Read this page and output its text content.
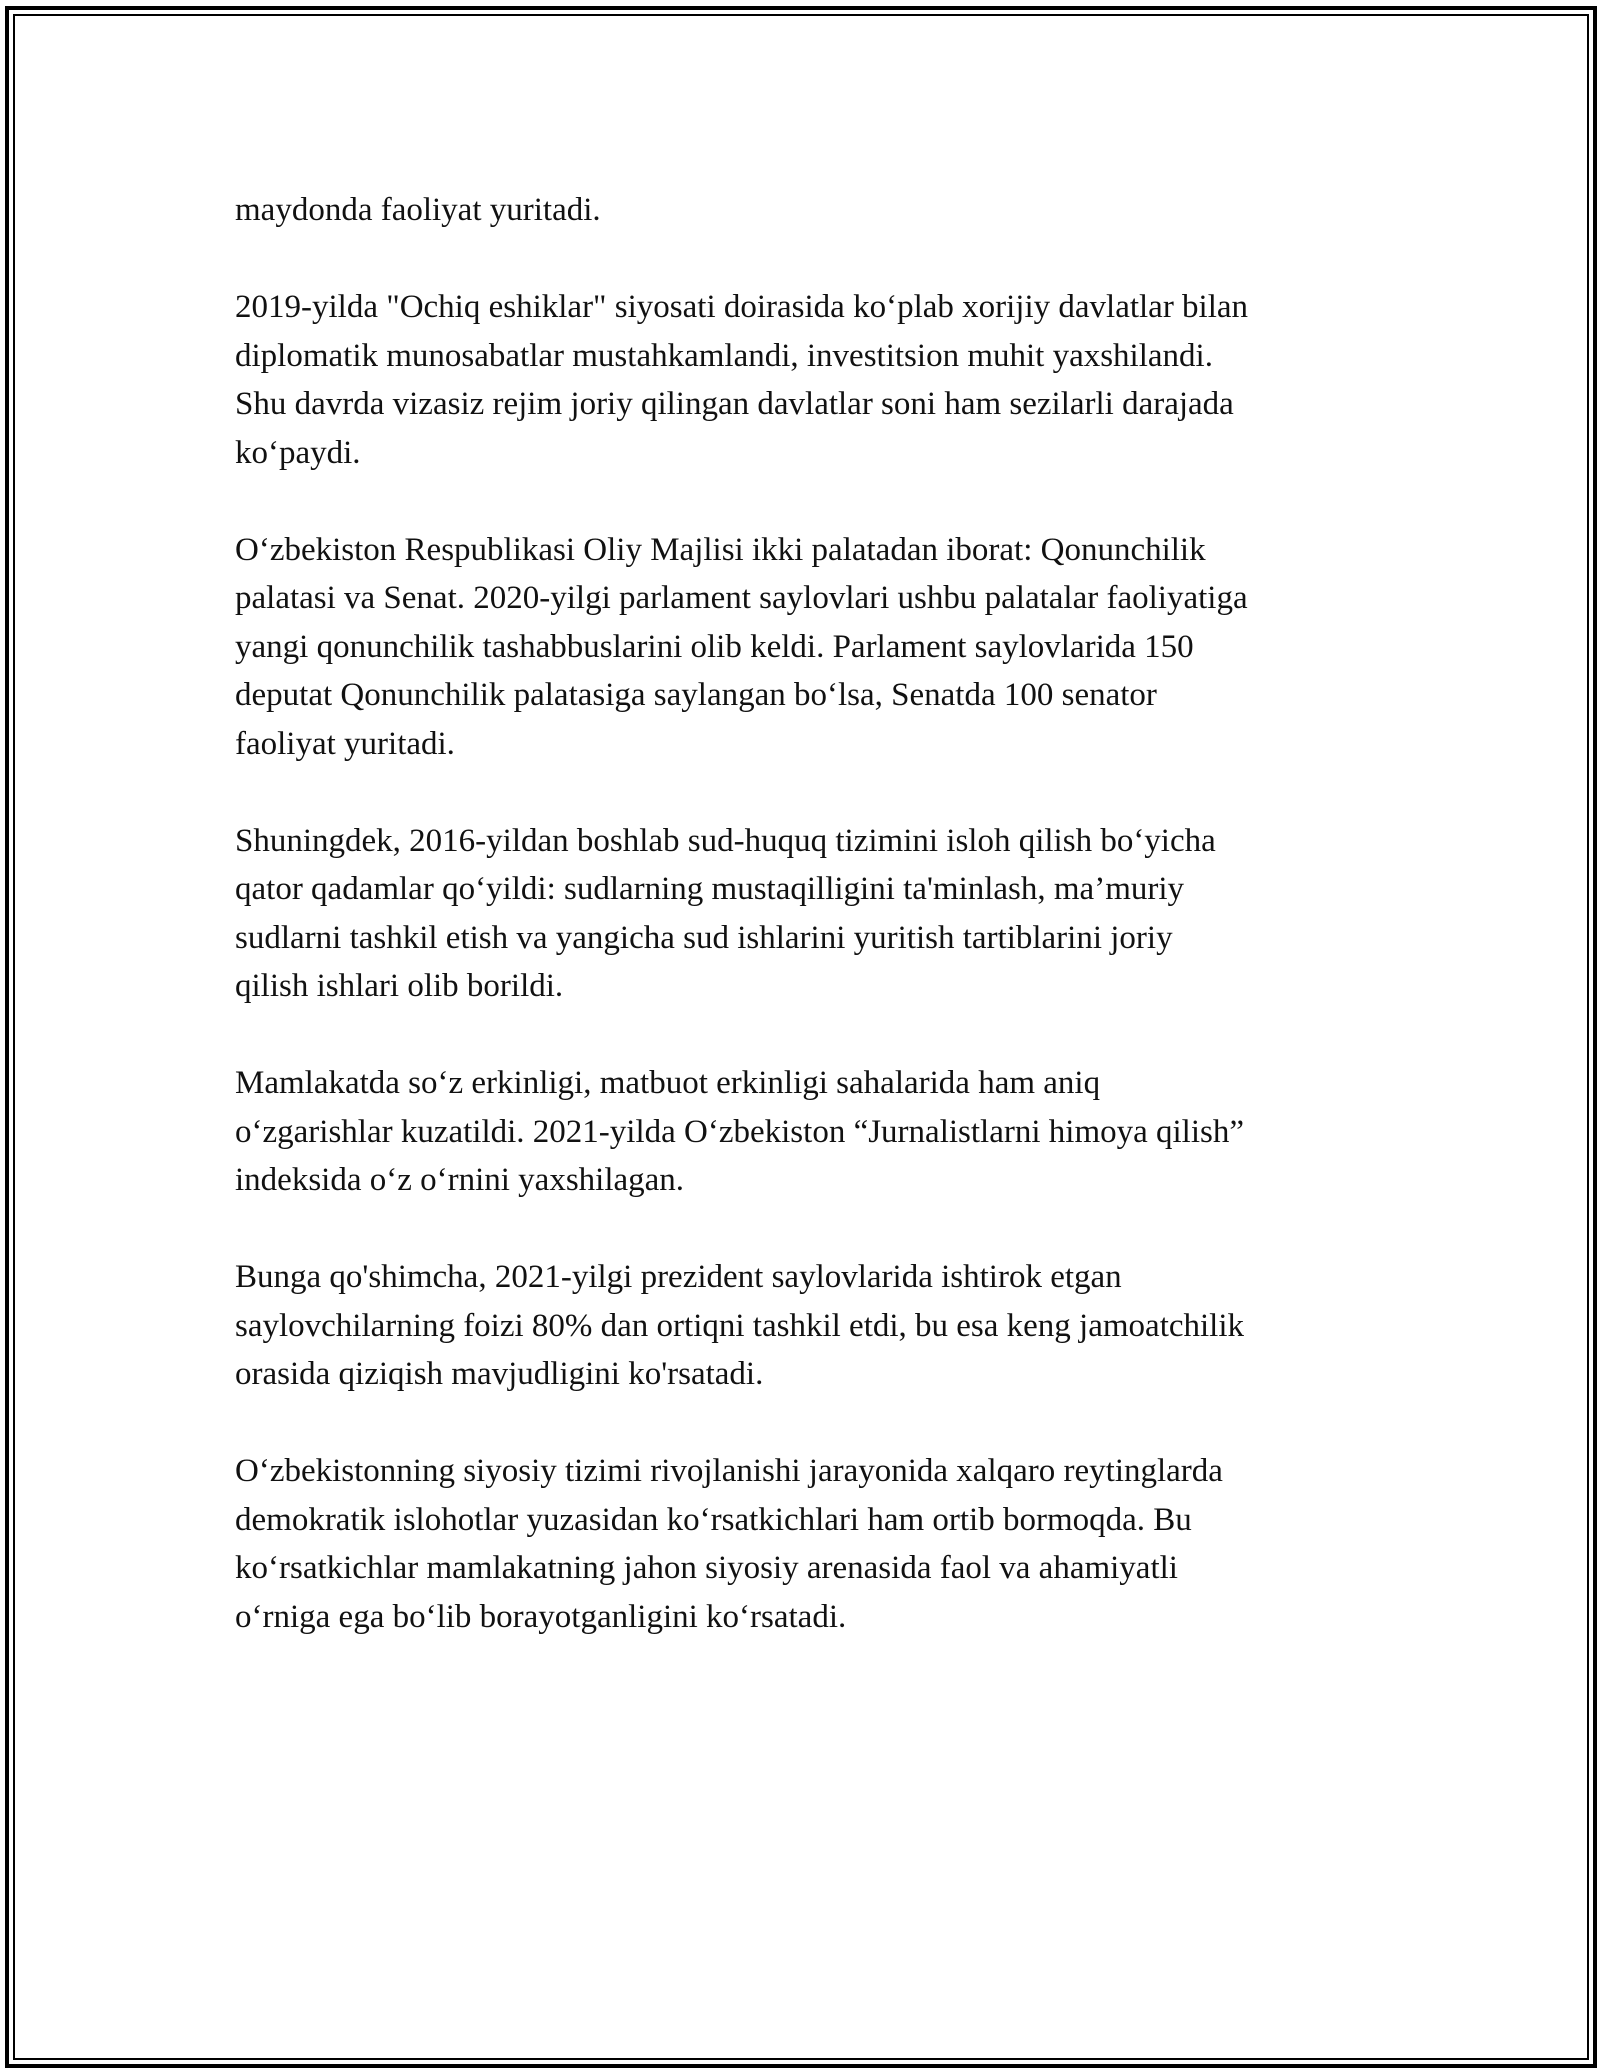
maydonda faoliyat yuritadi.

2019-yilda "Ochiq eshiklar" siyosati doirasida ko‘plab xorijiy davlatlar bilan
diplomatik munosabatlar mustahkamlandi, investitsion muhit yaxshilandi.
Shu davrda vizasiz rejim joriy qilingan davlatlar soni ham sezilarli darajada
ko‘paydi.

O‘zbekiston Respublikasi Oliy Majlisi ikki palatadan iborat: Qonunchilik
palatasi va Senat. 2020-yilgi parlament saylovlari ushbu palatalar faoliyatiga
yangi qonunchilik tashabbuslarini olib keldi. Parlament saylovlarida 150
deputat Qonunchilik palatasiga saylangan bo‘lsa, Senatda 100 senator
faoliyat yuritadi.

Shuningdek, 2016-yildan boshlab sud-huquq tizimini isloh qilish bo‘yicha
qator qadamlar qo‘yildi: sudlarning mustaqilligini ta'minlash, ma’muriy
sudlarni tashkil etish va yangicha sud ishlarini yuritish tartiblarini joriy
qilish ishlari olib borildi.

Mamlakatda so‘z erkinligi, matbuot erkinligi sahalarida ham aniq
o‘zgarishlar kuzatildi. 2021-yilda O‘zbekiston “Jurnalistlarni himoya qilish”
indeksida o‘z o‘rnini yaxshilagan.

Bunga qo'shimcha, 2021-yilgi prezident saylovlarida ishtirok etgan
saylovchilarning foizi 80% dan ortiqni tashkil etdi, bu esa keng jamoatchilik
orasida qiziqish mavjudligini ko'rsatadi.

O‘zbekistonning siyosiy tizimi rivojlanishi jarayonida xalqaro reytinglarda
demokratik islohotlar yuzasidan ko‘rsatkichlari ham ortib bormoqda. Bu
ko‘rsatkichlar mamlakatning jahon siyosiy arenasida faol va ahamiyatli
o‘rniga ega bo‘lib borayotganligini ko‘rsatadi.
